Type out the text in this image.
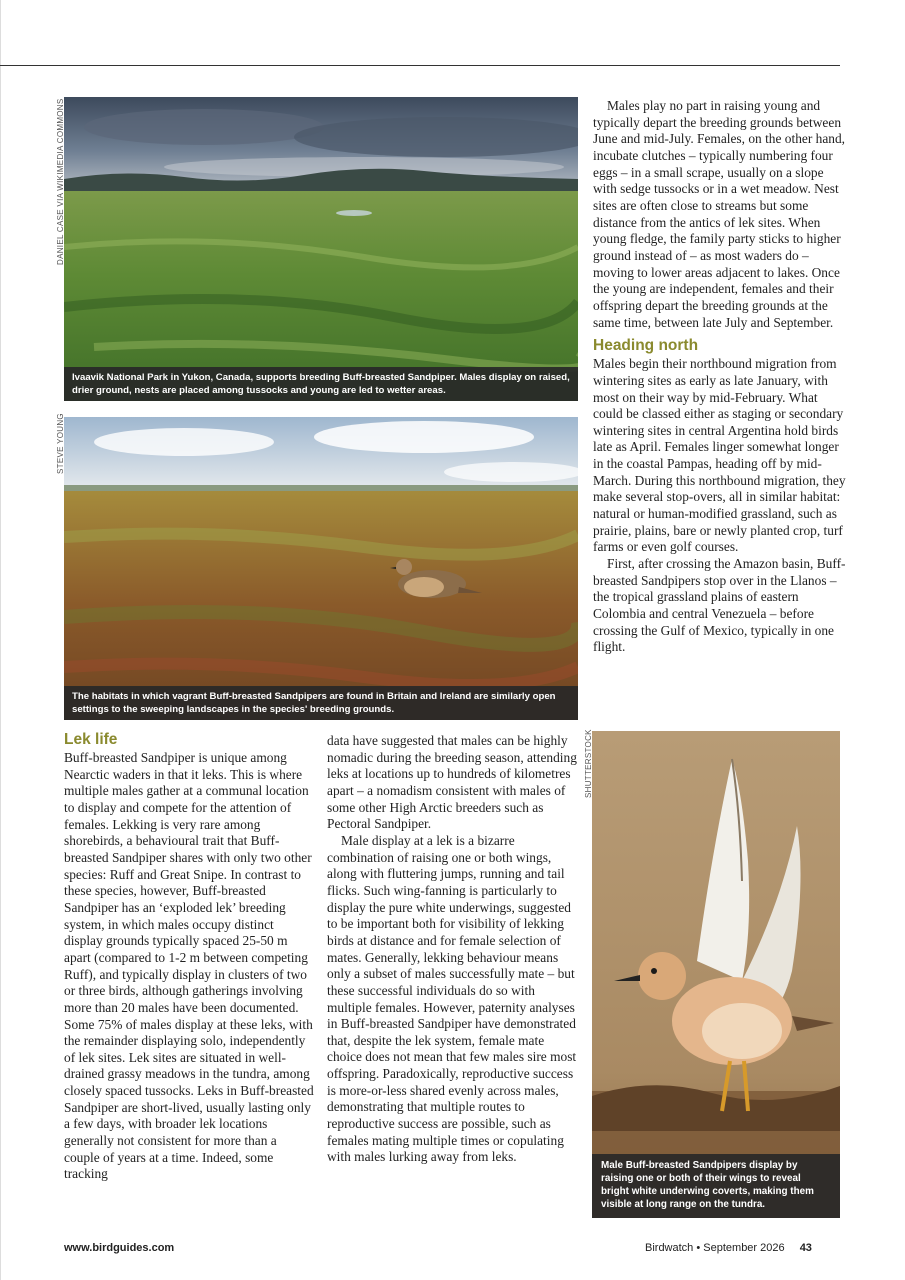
Ivaavik National Park in Yukon, Canada, supports breeding Buff-breasted Sandpiper. Males display on raised, drier ground, nests are placed among tussocks and young are led to wetter areas.
DANIEL CASE VIA WIKIMEDIA COMMONS
The habitats in which vagrant Buff-breasted Sandpipers are found in Britain and Ireland are similarly open settings to the sweeping landscapes in the species' breeding grounds.
STEVE YOUNG
Male Buff-breasted Sandpipers display by raising one or both of their wings to reveal bright white underwing coverts, making them visible at long range on the tundra.
SHUTTERSTOCK

Males play no part in raising young and typically depart the breeding grounds between June and mid-July. Females, on the other hand, incubate clutches – typically numbering four eggs – in a small scrape, usually on a slope with sedge tussocks or in a wet meadow. Nest sites are often close to streams but some distance from the antics of lek sites. When young fledge, the family party sticks to higher ground instead of – as most waders do – moving to lower areas adjacent to lakes. Once the young are independent, females and their offspring depart the breeding grounds at the same time, between late July and September.

Heading north

Males begin their northbound migration from wintering sites as early as late January, with most on their way by mid-February. What could be classed either as staging or secondary wintering sites in central Argentina hold birds late as April. Females linger somewhat longer in the coastal Pampas, heading off by mid-March. During this northbound migration, they make several stop-overs, all in similar habitat: natural or human-modified grassland, such as prairie, plains, bare or newly planted crop, turf farms or even golf courses.

First, after crossing the Amazon basin, Buff-breasted Sandpipers stop over in the Llanos – the tropical grassland plains of eastern Colombia and central Venezuela – before crossing the Gulf of Mexico, typically in one flight.

Lek life

Buff-breasted Sandpiper is unique among Nearctic waders in that it leks. This is where multiple males gather at a communal location to display and compete for the attention of females. Lekking is very rare among shorebirds, a behavioural trait that Buff-breasted Sandpiper shares with only two other species: Ruff and Great Snipe. In contrast to these species, however, Buff-breasted Sandpiper has an ‘exploded lek’ breeding system, in which males occupy distinct display grounds typically spaced 25-50 m apart (compared to 1-2 m between competing Ruff), and typically display in clusters of two or three birds, although gatherings involving more than 20 males have been documented. Some 75% of males display at these leks, with the remainder displaying solo, independently of lek sites. Lek sites are situated in well-drained grassy meadows in the tundra, among closely spaced tussocks. Leks in Buff-breasted Sandpiper are short-lived, usually lasting only a few days, with broader lek locations generally not consistent for more than a couple of years at a time. Indeed, some tracking

data have suggested that males can be highly nomadic during the breeding season, attending leks at locations up to hundreds of kilometres apart – a nomadism consistent with males of some other High Arctic breeders such as Pectoral Sandpiper.

Male display at a lek is a bizarre combination of raising one or both wings, along with fluttering jumps, running and tail flicks. Such wing-fanning is particularly to display the pure white underwings, suggested to be important both for visibility of lekking birds at distance and for female selection of mates. Generally, lekking behaviour means only a subset of males successfully mate – but these successful individuals do so with multiple females. However, paternity analyses in Buff-breasted Sandpiper have demonstrated that, despite the lek system, female mate choice does not mean that few males sire most offspring. Paradoxically, reproductive success is more-or-less shared evenly across males, demonstrating that multiple routes to reproductive success are possible, such as females mating multiple times or copulating with males lurking away from leks.

www.birdguides.com	Birdwatch • September 2026 43
